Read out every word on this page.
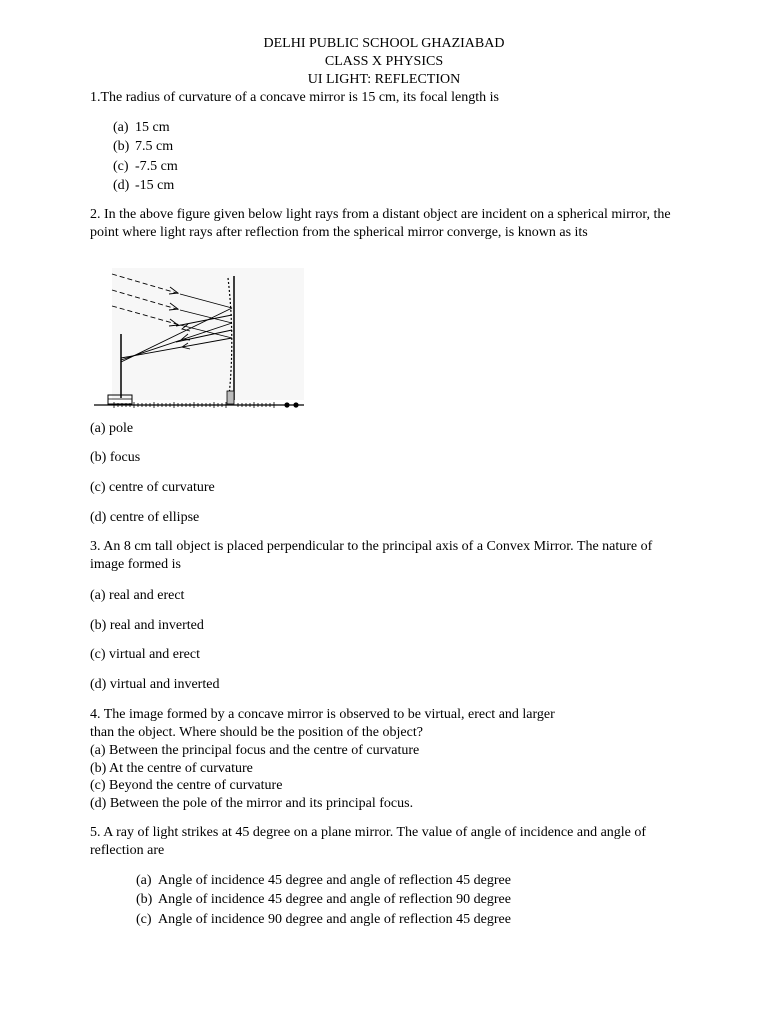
DELHI PUBLIC SCHOOL GHAZIABAD
CLASS X PHYSICS
UI LIGHT: REFLECTION

1.The radius of curvature of a concave mirror is 15 cm, its focal length is

(a) 15 cm
(b) 7.5 cm
(c) -7.5 cm
(d) -15 cm

2. In the above figure given below light rays from a distant object are incident on a spherical mirror, the point where light rays after reflection from the spherical mirror converge, is known as its

(a) pole
(b) focus
(c) centre of curvature
(d) centre of ellipse

3. An 8 cm tall object is placed perpendicular to the principal axis of a Convex Mirror. The nature of image formed is

(a) real and erect
(b) real and inverted
(c) virtual and erect
(d) virtual and inverted
4. The image formed by a concave mirror is observed to be virtual, erect and larger
than the object. Where should be the position of the object?
(a) Between the principal focus and the centre of curvature
(b) At the centre of curvature
(c) Beyond the centre of curvature
(d) Between the pole of the mirror and its principal focus.

5. A ray of light strikes at 45 degree on a plane mirror. The value of angle of incidence and angle of reflection are

(a) Angle of incidence 45 degree and angle of reflection 45 degree
(b) Angle of incidence 45 degree and angle of reflection 90 degree
(c) Angle of incidence 90 degree and angle of reflection 45 degree
